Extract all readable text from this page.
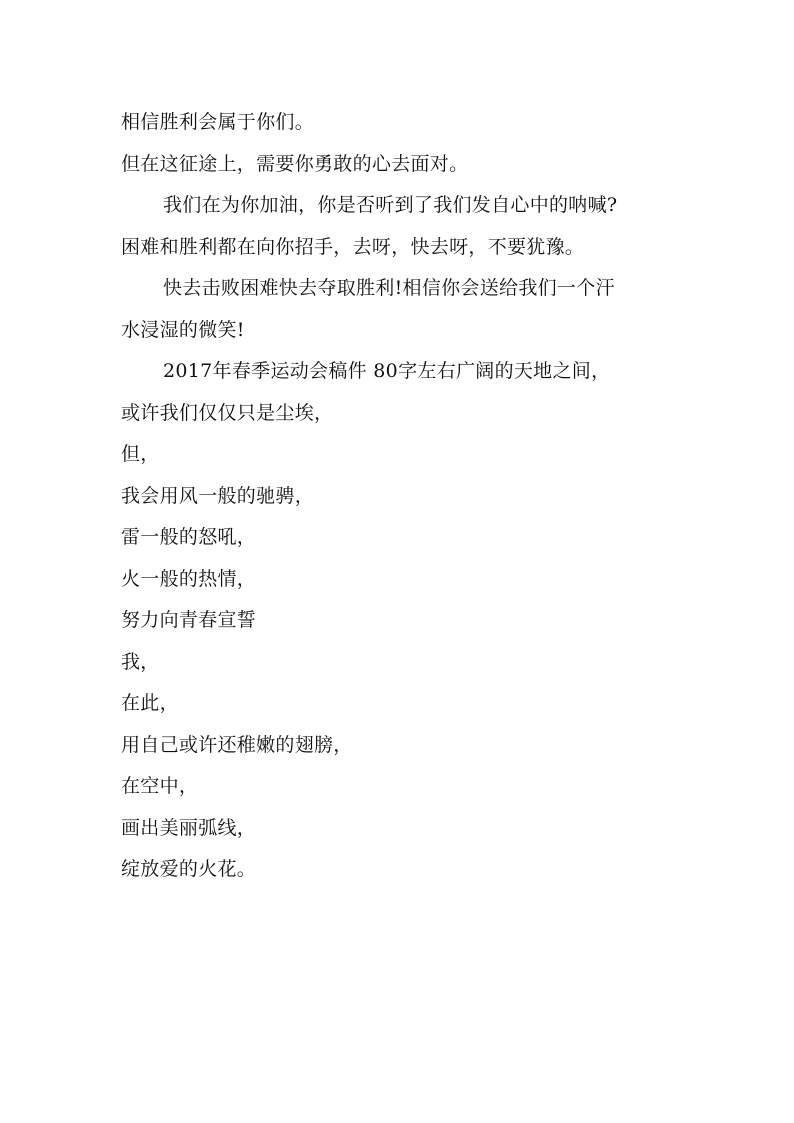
相信胜利会属于你们。
但在这征途上，需要你勇敢的心去面对。
我们在为你加油，你是否听到了我们发自心中的呐喊?
困难和胜利都在向你招手，去呀，快去呀，不要犹豫。
快去击败困难快去夺取胜利!相信你会送给我们一个汗
水浸湿的微笑!
2017年春季运动会稿件 80字左右广阔的天地之间，
或许我们仅仅只是尘埃，
但，
我会用风一般的驰骋，
雷一般的怒吼，
火一般的热情，
努力向青春宣誓
我，
在此，
用自己或许还稚嫩的翅膀，
在空中，
画出美丽弧线，
绽放爱的火花。
